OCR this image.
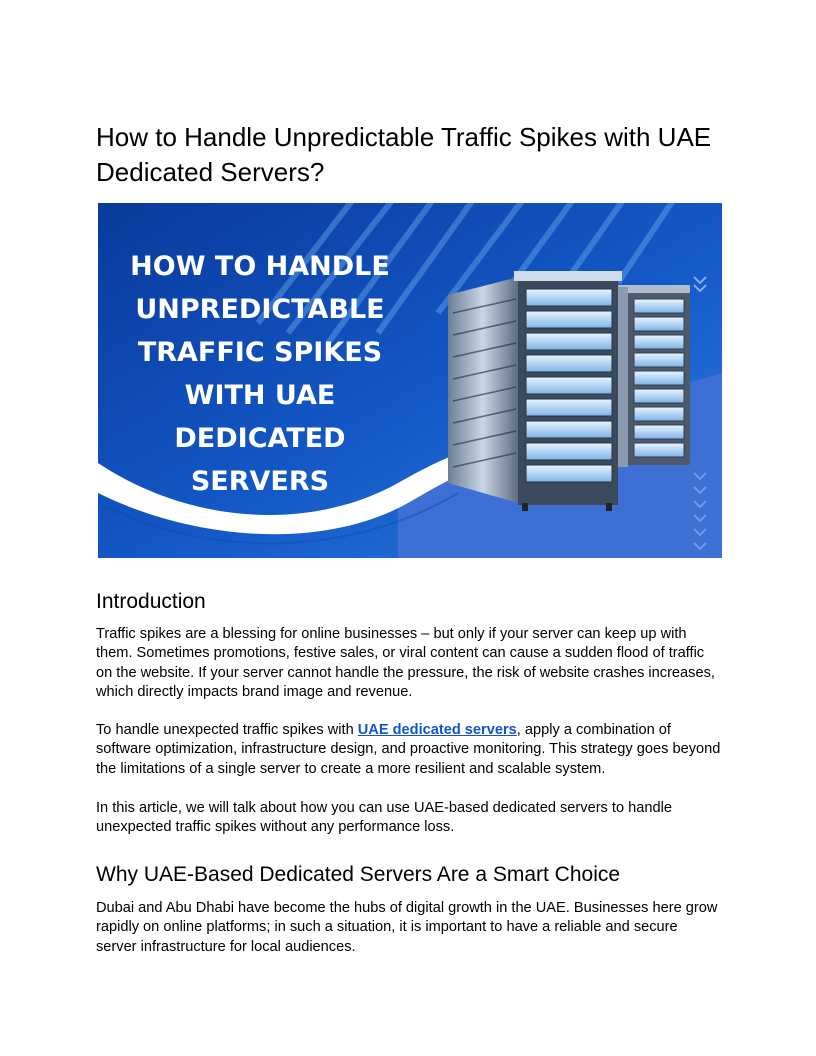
How to Handle Unpredictable Traffic Spikes with UAE Dedicated Servers?
HOW TO HANDLE
UNPREDICTABLE
TRAFFIC SPIKES
WITH UAE
DEDICATED
SERVERS
Introduction

Traffic spikes are a blessing for online businesses – but only if your server can keep up with them. Sometimes promotions, festive sales, or viral content can cause a sudden flood of traffic on the website. If your server cannot handle the pressure, the risk of website crashes increases, which directly impacts brand image and revenue.

To handle unexpected traffic spikes with UAE dedicated servers, apply a combination of software optimization, infrastructure design, and proactive monitoring. This strategy goes beyond the limitations of a single server to create a more resilient and scalable system.

In this article, we will talk about how you can use UAE-based dedicated servers to handle unexpected traffic spikes without any performance loss.

Why UAE-Based Dedicated Servers Are a Smart Choice

Dubai and Abu Dhabi have become the hubs of digital growth in the UAE. Businesses here grow rapidly on online platforms; in such a situation, it is important to have a reliable and secure server infrastructure for local audiences.
